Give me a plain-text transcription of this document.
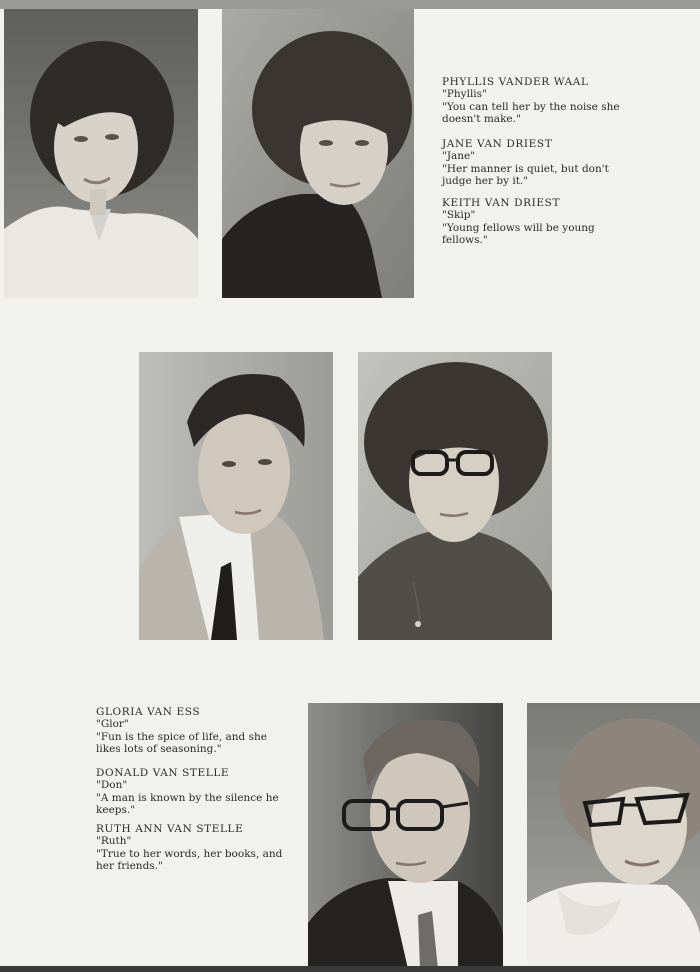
PHYLLIS VANDER WAAL
"Phyllis"
"You can tell her by the noise she
doesn't make."
JANE VAN DRIEST
"Jane"
"Her manner is quiet, but don't
judge her by it."
KEITH VAN DRIEST
"Skip"
"Young fellows will be young
fellows."
GLORIA VAN ESS
"Glor"
"Fun is the spice of life, and she
likes lots of seasoning."
DONALD VAN STELLE
"Don"
"A man is known by the silence he
keeps."
RUTH ANN VAN STELLE
"Ruth"
"True to her words, her books, and
her friends."
